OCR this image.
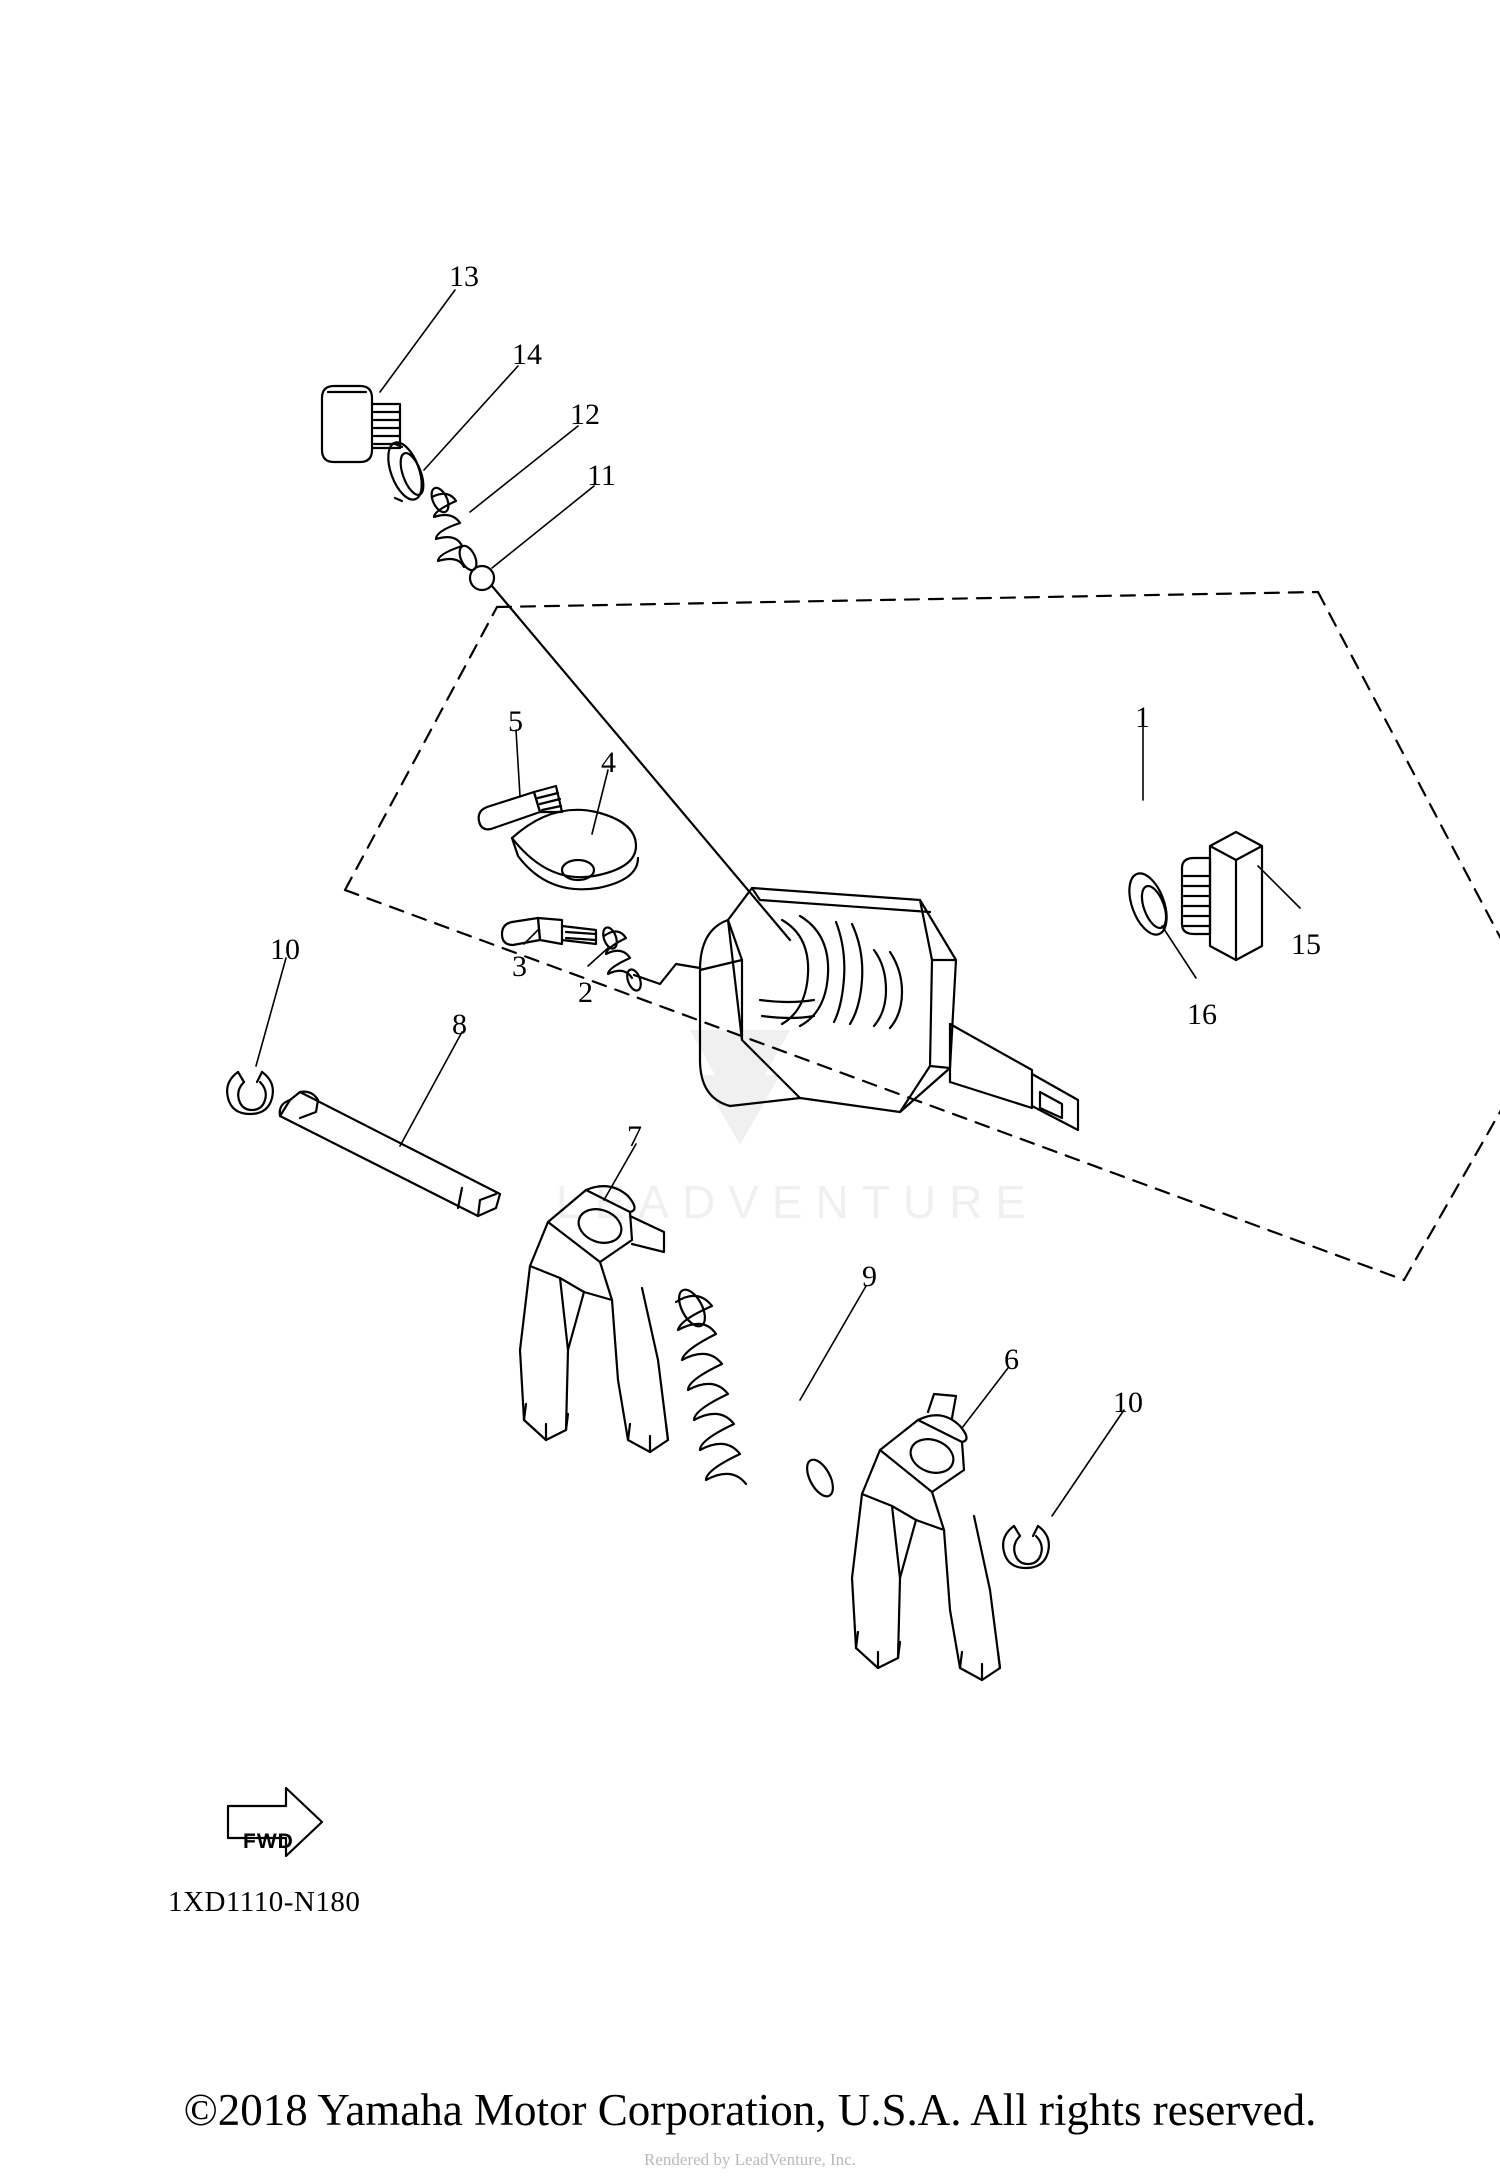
LEADVENTURE
FWD
13
14
12
11
1
5
4
3
2
10
8
7
9
6
10
15
16
1XD1110-N180
©2018 Yamaha Motor Corporation, U.S.A. All rights reserved.
Rendered by LeadVenture, Inc.
